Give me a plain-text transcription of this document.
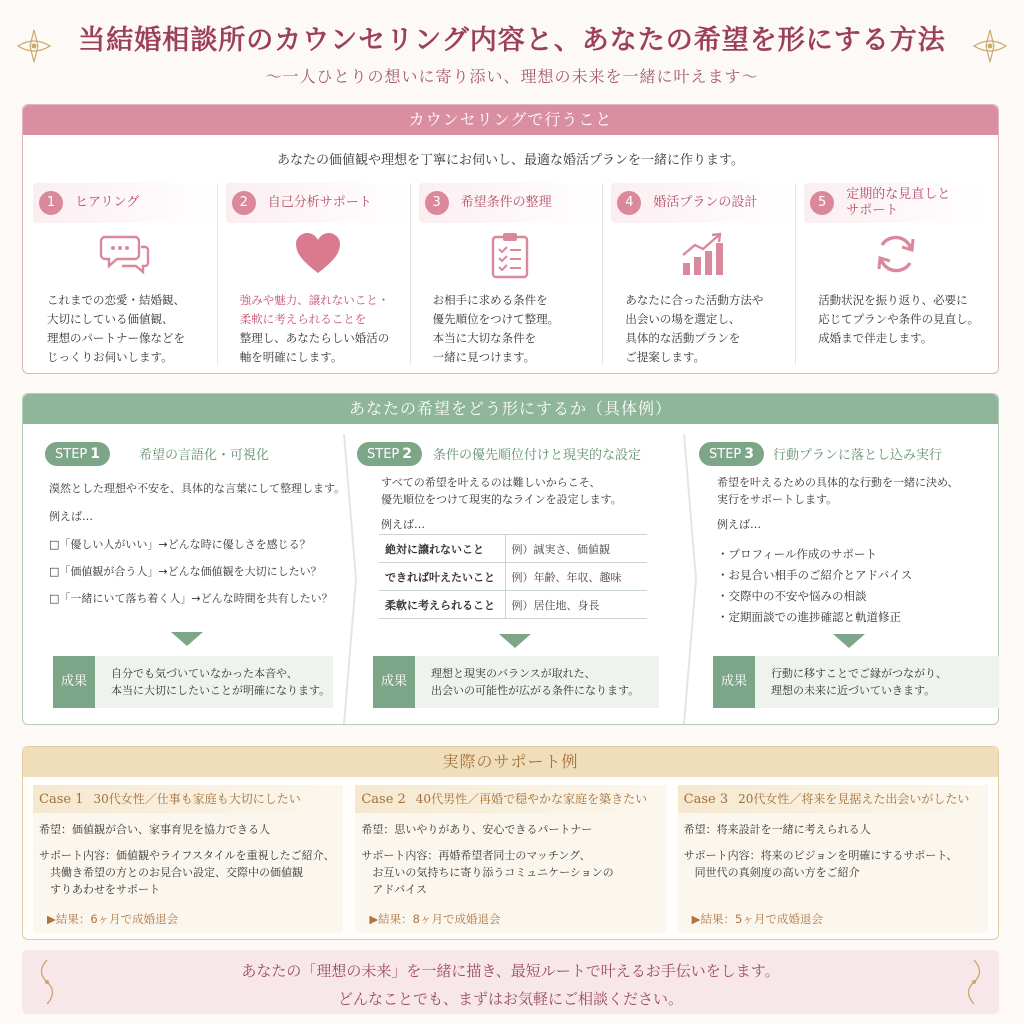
当結婚相談所のカウンセリング内容と、あなたの希望を形にする方法
〜一人ひとりの想いに寄り添い、理想の未来を一緒に叶えます〜
カウンセリングで行うこと
あなたの価値観や理想を丁寧にお伺いし、最適な婚活プランを一緒に作ります。
1	ヒアリング
これまでの恋愛・結婚観、
大切にしている価値観、
理想のパートナー像などを
じっくりお伺いします。
2	自己分析サポート
強みや魅力、譲れないこと・
柔軟に考えられることを
整理し、あなたらしい婚活の
軸を明確にします。
3	希望条件の整理
お相手に求める条件を
優先順位をつけて整理。
本当に大切な条件を
一緒に見つけます。
4	婚活プランの設計
あなたに合った活動方法や
出会いの場を選定し、
具体的な活動プランを
ご提案します。
5
定期的な見直しと
サポート
活動状況を振り返り、必要に
応じてプランや条件の見直し。
成婚まで伴走します。
あなたの希望をどう形にするか（具体例）
STEP 1	希望の言語化・可視化
漠然とした理想や不安を、具体的な言葉にして整理します。
例えば…
□「優しい人がいい」→どんな時に優しさを感じる？
□「価値観が合う人」→どんな価値観を大切にしたい？
□「一緒にいて落ち着く人」→どんな時間を共有したい？
成果
自分でも気づいていなかった本音や、
本当に大切にしたいことが明確になります。
STEP 2	条件の優先順位付けと現実的な設定
すべての希望を叶えるのは難しいからこそ、
優先順位をつけて現実的なラインを設定します。
例えば…
絶対に譲れないこと	例）誠実さ、価値観
できれば叶えたいこと	例）年齢、年収、趣味
柔軟に考えられること	例）居住地、身長
成果
理想と現実のバランスが取れた、
出会いの可能性が広がる条件になります。
STEP 3	行動プランに落とし込み実行
希望を叶えるための具体的な行動を一緒に決め、
実行をサポートします。
例えば…
・プロフィール作成のサポート
・お見合い相手のご紹介とアドバイス
・交際中の不安や悩みの相談
・定期面談での進捗確認と軌道修正
成果
行動に移すことでご縁がつながり、
理想の未来に近づいていきます。
実際のサポート例
Case 1 30代女性／仕事も家庭も大切にしたい
希望：価値観が合い、家事育児を協力できる人
サポート内容：価値観やライフスタイルを重視したご紹介、
　共働き希望の方とのお見合い設定、交際中の価値観
　すりあわせをサポート
▶結果：6ヶ月で成婚退会
Case 2 40代男性／再婚で穏やかな家庭を築きたい
希望：思いやりがあり、安心できるパートナー
サポート内容：再婚希望者同士のマッチング、
　お互いの気持ちに寄り添うコミュニケーションの
　アドバイス
▶結果：8ヶ月で成婚退会
Case 3 20代女性／将来を見据えた出会いがしたい
希望：将来設計を一緒に考えられる人
サポート内容：将来のビジョンを明確にするサポート、
　同世代の真剣度の高い方をご紹介
▶結果：5ヶ月で成婚退会
あなたの「理想の未来」を一緒に描き、最短ルートで叶えるお手伝いをします。
どんなことでも、まずはお気軽にご相談ください。
